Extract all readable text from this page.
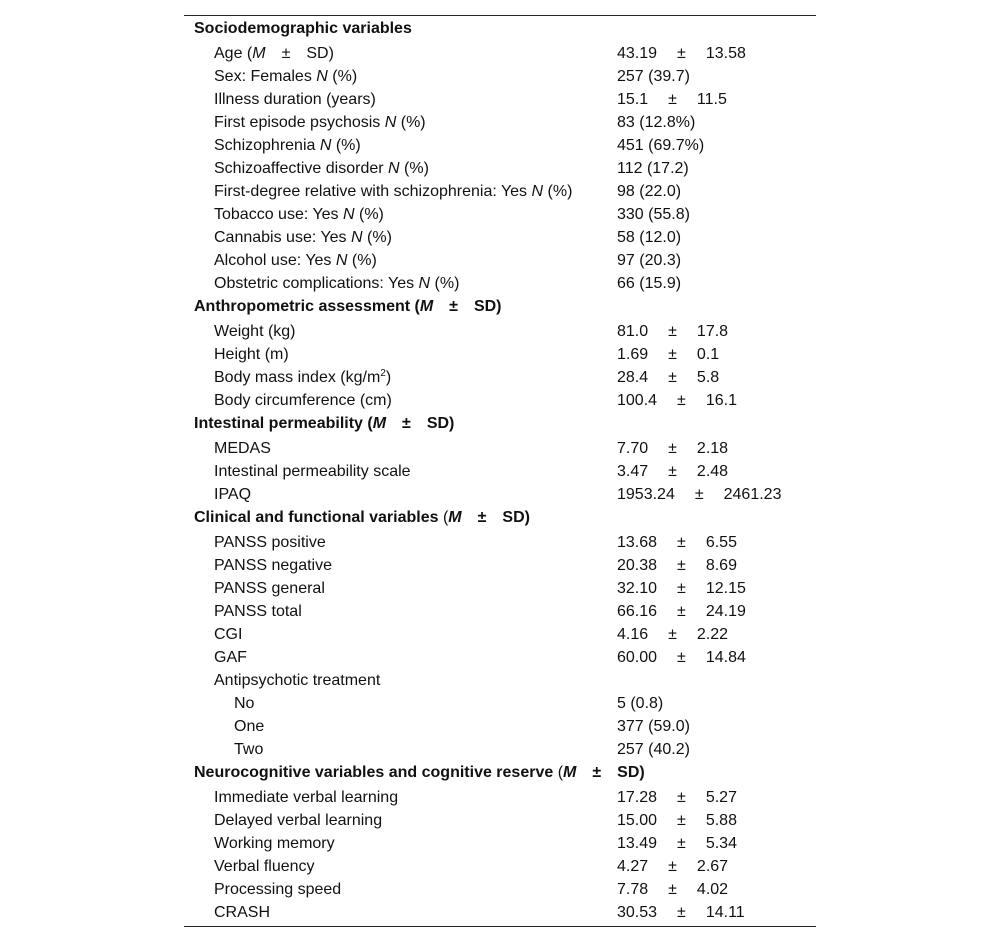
Sociodemographic variables
Age (M ± SD)	43.19 ± 13.58
Sex: Females N (%)	257 (39.7)
Illness duration (years)	15.1 ± 11.5
First episode psychosis N (%)	83 (12.8%)
Schizophrenia N (%)	451 (69.7%)
Schizoaffective disorder N (%)	112 (17.2)
First-degree relative with schizophrenia: Yes N (%)	98 (22.0)
Tobacco use: Yes N (%)	330 (55.8)
Cannabis use: Yes N (%)	58 (12.0)
Alcohol use: Yes N (%)	97 (20.3)
Obstetric complications: Yes N (%)	66 (15.9)
Anthropometric assessment (M ± SD)
Weight (kg)	81.0 ± 17.8
Height (m)	1.69 ± 0.1
Body mass index $(kg/m^2)$	28.4 ± 5.8
Body circumference (cm)	100.4 ± 16.1
Intestinal permeability (M ± SD)
MEDAS	7.70 ± 2.18
Intestinal permeability scale	3.47 ± 2.48
IPAQ	1953.24 ± 2461.23
Clinical and functional variables (M ± SD)
PANSS positive	13.68 ± 6.55
PANSS negative	20.38 ± 8.69
PANSS general	32.10 ± 12.15
PANSS total	66.16 ± 24.19
CGI	4.16 ± 2.22
GAF	60.00 ± 14.84
Antipsychotic treatment
No	5 (0.8)
One	377 (59.0)
Two	257 (40.2)
Neurocognitive variables and cognitive reserve (M ± SD)
Immediate verbal learning	17.28 ± 5.27
Delayed verbal learning	15.00 ± 5.88
Working memory	13.49 ± 5.34
Verbal fluency	4.27 ± 2.67
Processing speed	7.78 ± 4.02
CRASH	30.53 ± 14.11
